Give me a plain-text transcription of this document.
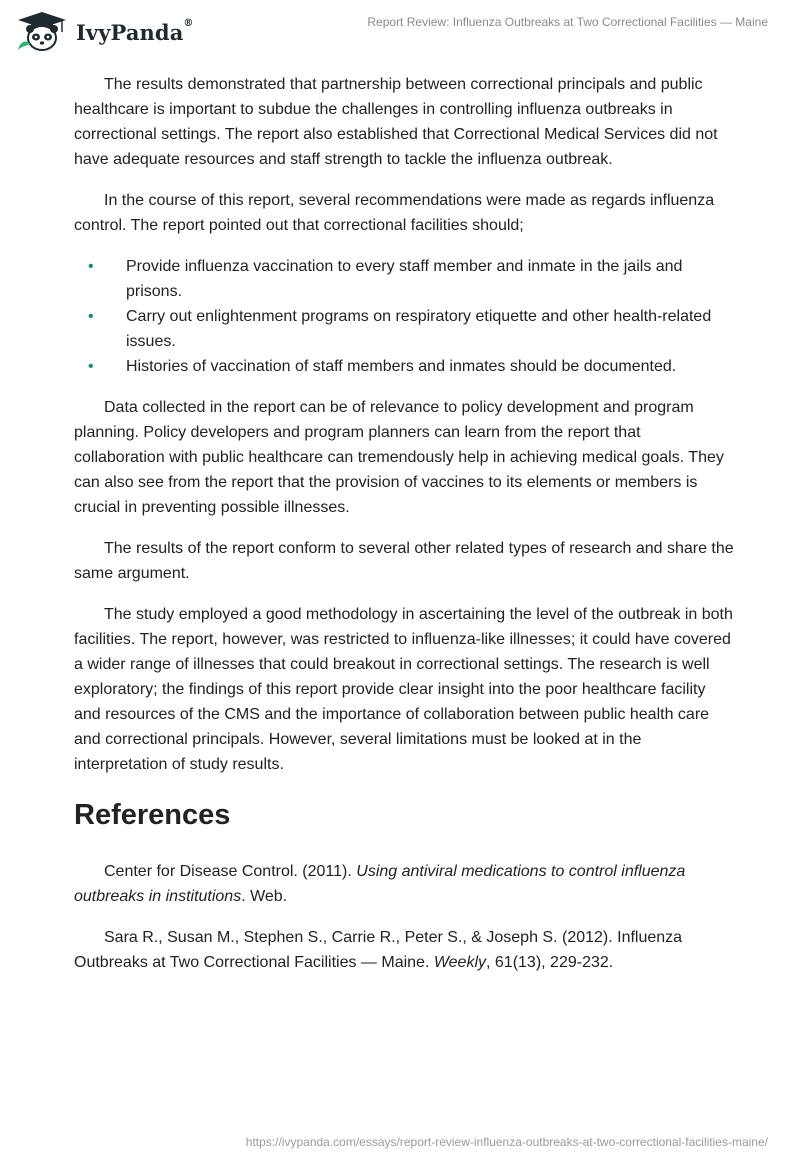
IvyPanda®	Report Review: Influenza Outbreaks at Two Correctional Facilities — Maine

The results demonstrated that partnership between correctional principals and public healthcare is important to subdue the challenges in controlling influenza outbreaks in correctional settings. The report also established that Correctional Medical Services did not have adequate resources and staff strength to tackle the influenza outbreak.

In the course of this report, several recommendations were made as regards influenza control. The report pointed out that correctional facilities should;

• Provide influenza vaccination to every staff member and inmate in the jails and prisons.
• Carry out enlightenment programs on respiratory etiquette and other health-related issues.
• Histories of vaccination of staff members and inmates should be documented.

Data collected in the report can be of relevance to policy development and program planning. Policy developers and program planners can learn from the report that collaboration with public healthcare can tremendously help in achieving medical goals. They can also see from the report that the provision of vaccines to its elements or members is crucial in preventing possible illnesses.

The results of the report conform to several other related types of research and share the same argument.

The study employed a good methodology in ascertaining the level of the outbreak in both facilities. The report, however, was restricted to influenza-like illnesses; it could have covered a wider range of illnesses that could breakout in correctional settings. The research is well exploratory; the findings of this report provide clear insight into the poor healthcare facility and resources of the CMS and the importance of collaboration between public health care and correctional principals. However, several limitations must be looked at in the interpretation of study results.

References

Center for Disease Control. (2011). Using antiviral medications to control influenza outbreaks in institutions. Web.

Sara R., Susan M., Stephen S., Carrie R., Peter S., & Joseph S. (2012). Influenza Outbreaks at Two Correctional Facilities — Maine. Weekly, 61(13), 229-232.

https://ivypanda.com/essays/report-review-influenza-outbreaks-at-two-correctional-facilities-maine/
